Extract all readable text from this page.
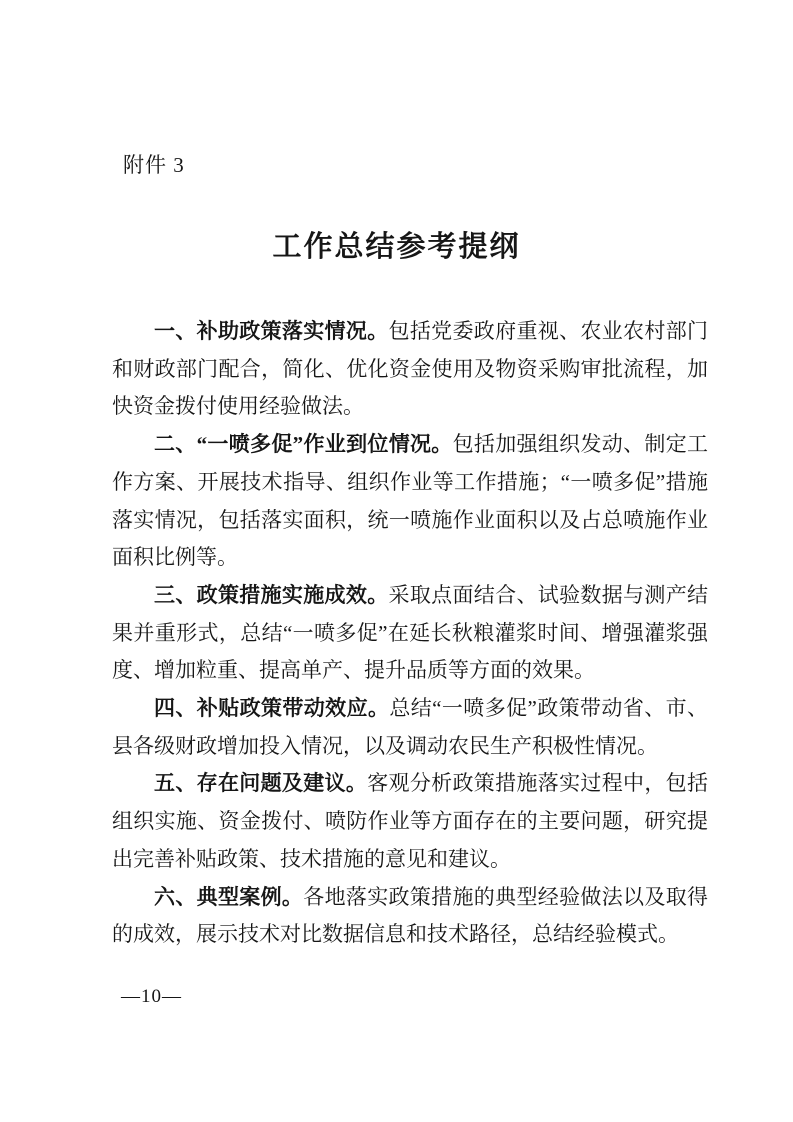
附件 3
工作总结参考提纲

一、补助政策落实情况。包括党委政府重视、农业农村部门和财政部门配合，简化、优化资金使用及物资采购审批流程，加快资金拨付使用经验做法。

二、“一喷多促”作业到位情况。包括加强组织发动、制定工作方案、开展技术指导、组织作业等工作措施；“一喷多促”措施落实情况，包括落实面积，统一喷施作业面积以及占总喷施作业面积比例等。

三、政策措施实施成效。采取点面结合、试验数据与测产结果并重形式，总结“一喷多促”在延长秋粮灌浆时间、增强灌浆强度、增加粒重、提高单产、提升品质等方面的效果。

四、补贴政策带动效应。总结“一喷多促”政策带动省、市、县各级财政增加投入情况，以及调动农民生产积极性情况。

五、存在问题及建议。客观分析政策措施落实过程中，包括组织实施、资金拨付、喷防作业等方面存在的主要问题，研究提出完善补贴政策、技术措施的意见和建议。

六、典型案例。各地落实政策措施的典型经验做法以及取得的成效，展示技术对比数据信息和技术路径，总结经验模式。

—10—
